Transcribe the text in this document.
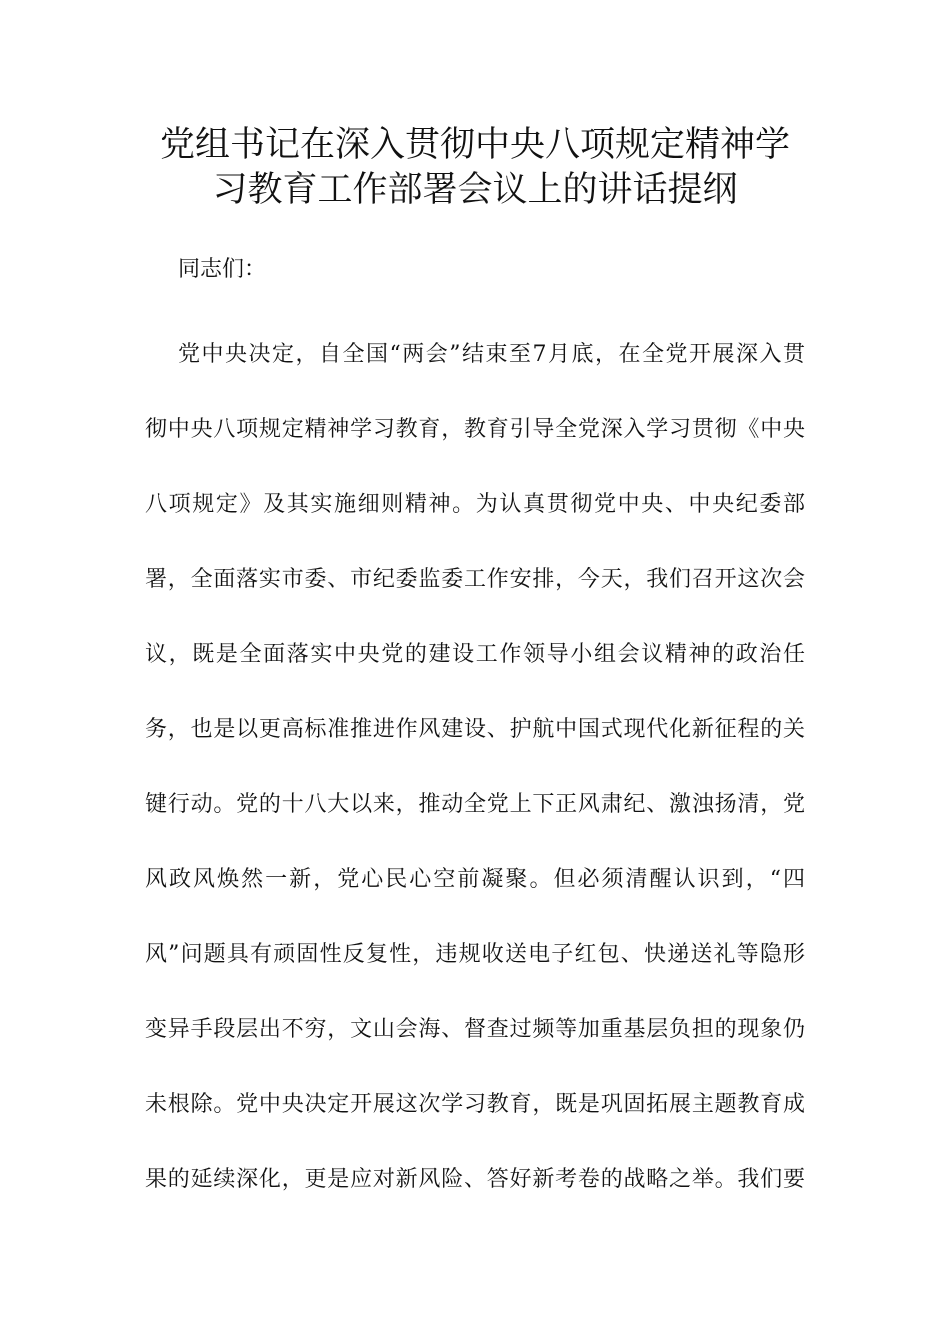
党组书记在深入贯彻中央八项规定精神学
习教育工作部署会议上的讲话提纲
同志们：
党中央决定，自全国“两会”结束至7月底，在全党开展深入贯
彻中央八项规定精神学习教育，教育引导全党深入学习贯彻《中央
八项规定》及其实施细则精神。为认真贯彻党中央、中央纪委部
署，全面落实市委、市纪委监委工作安排，今天，我们召开这次会
议，既是全面落实中央党的建设工作领导小组会议精神的政治任
务，也是以更高标准推进作风建设、护航中国式现代化新征程的关
键行动。党的十八大以来，推动全党上下正风肃纪、激浊扬清，党
风政风焕然一新，党心民心空前凝聚。但必须清醒认识到，“四
风”问题具有顽固性反复性，违规收送电子红包、快递送礼等隐形
变异手段层出不穷，文山会海、督查过频等加重基层负担的现象仍
未根除。党中央决定开展这次学习教育，既是巩固拓展主题教育成
果的延续深化，更是应对新风险、答好新考卷的战略之举。我们要
